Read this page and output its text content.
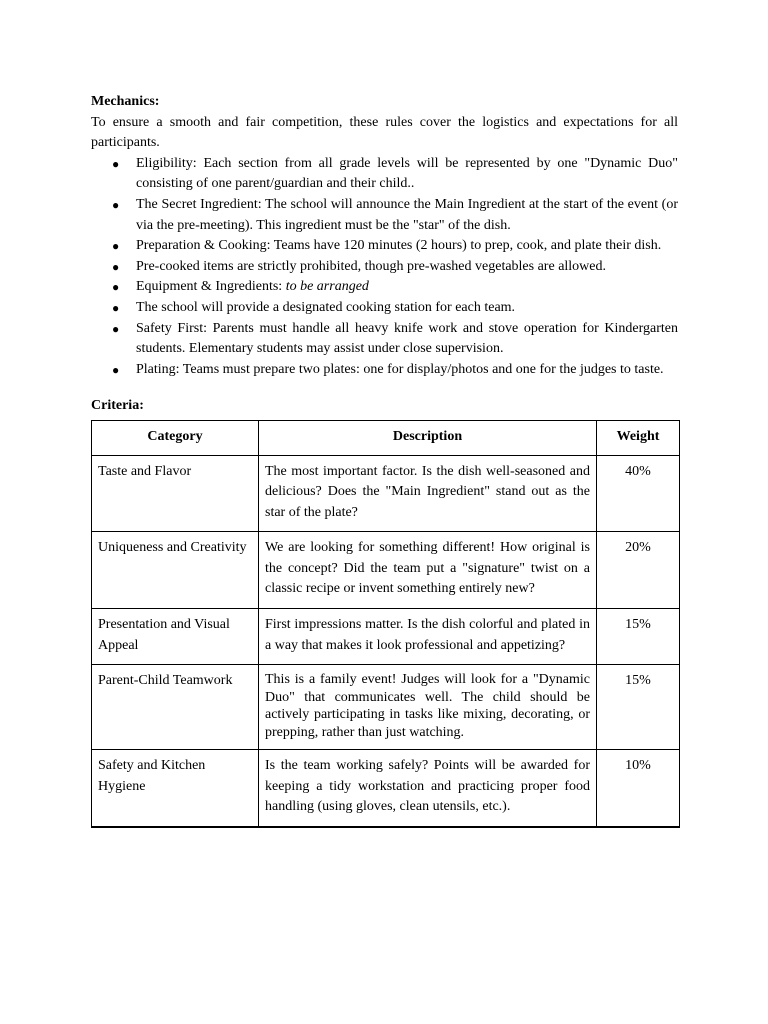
Mechanics:

To ensure a smooth and fair competition, these rules cover the logistics and expectations for all participants.

● Eligibility: Each section from all grade levels will be represented by one "Dynamic Duo" consisting of one parent/guardian and their child..
● The Secret Ingredient: The school will announce the Main Ingredient at the start of the event (or via the pre-meeting). This ingredient must be the "star" of the dish.
● Preparation & Cooking: Teams have 120 minutes (2 hours) to prep, cook, and plate their dish.
● Pre-cooked items are strictly prohibited, though pre-washed vegetables are allowed.
● Equipment & Ingredients: to be arranged
● The school will provide a designated cooking station for each team.
● Safety First: Parents must handle all heavy knife work and stove operation for Kindergarten students. Elementary students may assist under close supervision.
● Plating: Teams must prepare two plates: one for display/photos and one for the judges to taste.

Criteria:

Category	Description	Weight
Taste and Flavor	The most important factor. Is the dish well-seasoned and delicious? Does the "Main Ingredient" stand out as the star of the plate?	40%
Uniqueness and Creativity	We are looking for something different! How original is the concept? Did the team put a "signature" twist on a classic recipe or invent something entirely new?	20%
Presentation and Visual Appeal	First impressions matter. Is the dish colorful and plated in a way that makes it look professional and appetizing?	15%
Parent-Child Teamwork	This is a family event! Judges will look for a "Dynamic Duo" that communicates well. The child should be actively participating in tasks like mixing, decorating, or prepping, rather than just watching.	15%
Safety and Kitchen Hygiene	Is the team working safely? Points will be awarded for keeping a tidy workstation and practicing proper food handling (using gloves, clean utensils, etc.).	10%
